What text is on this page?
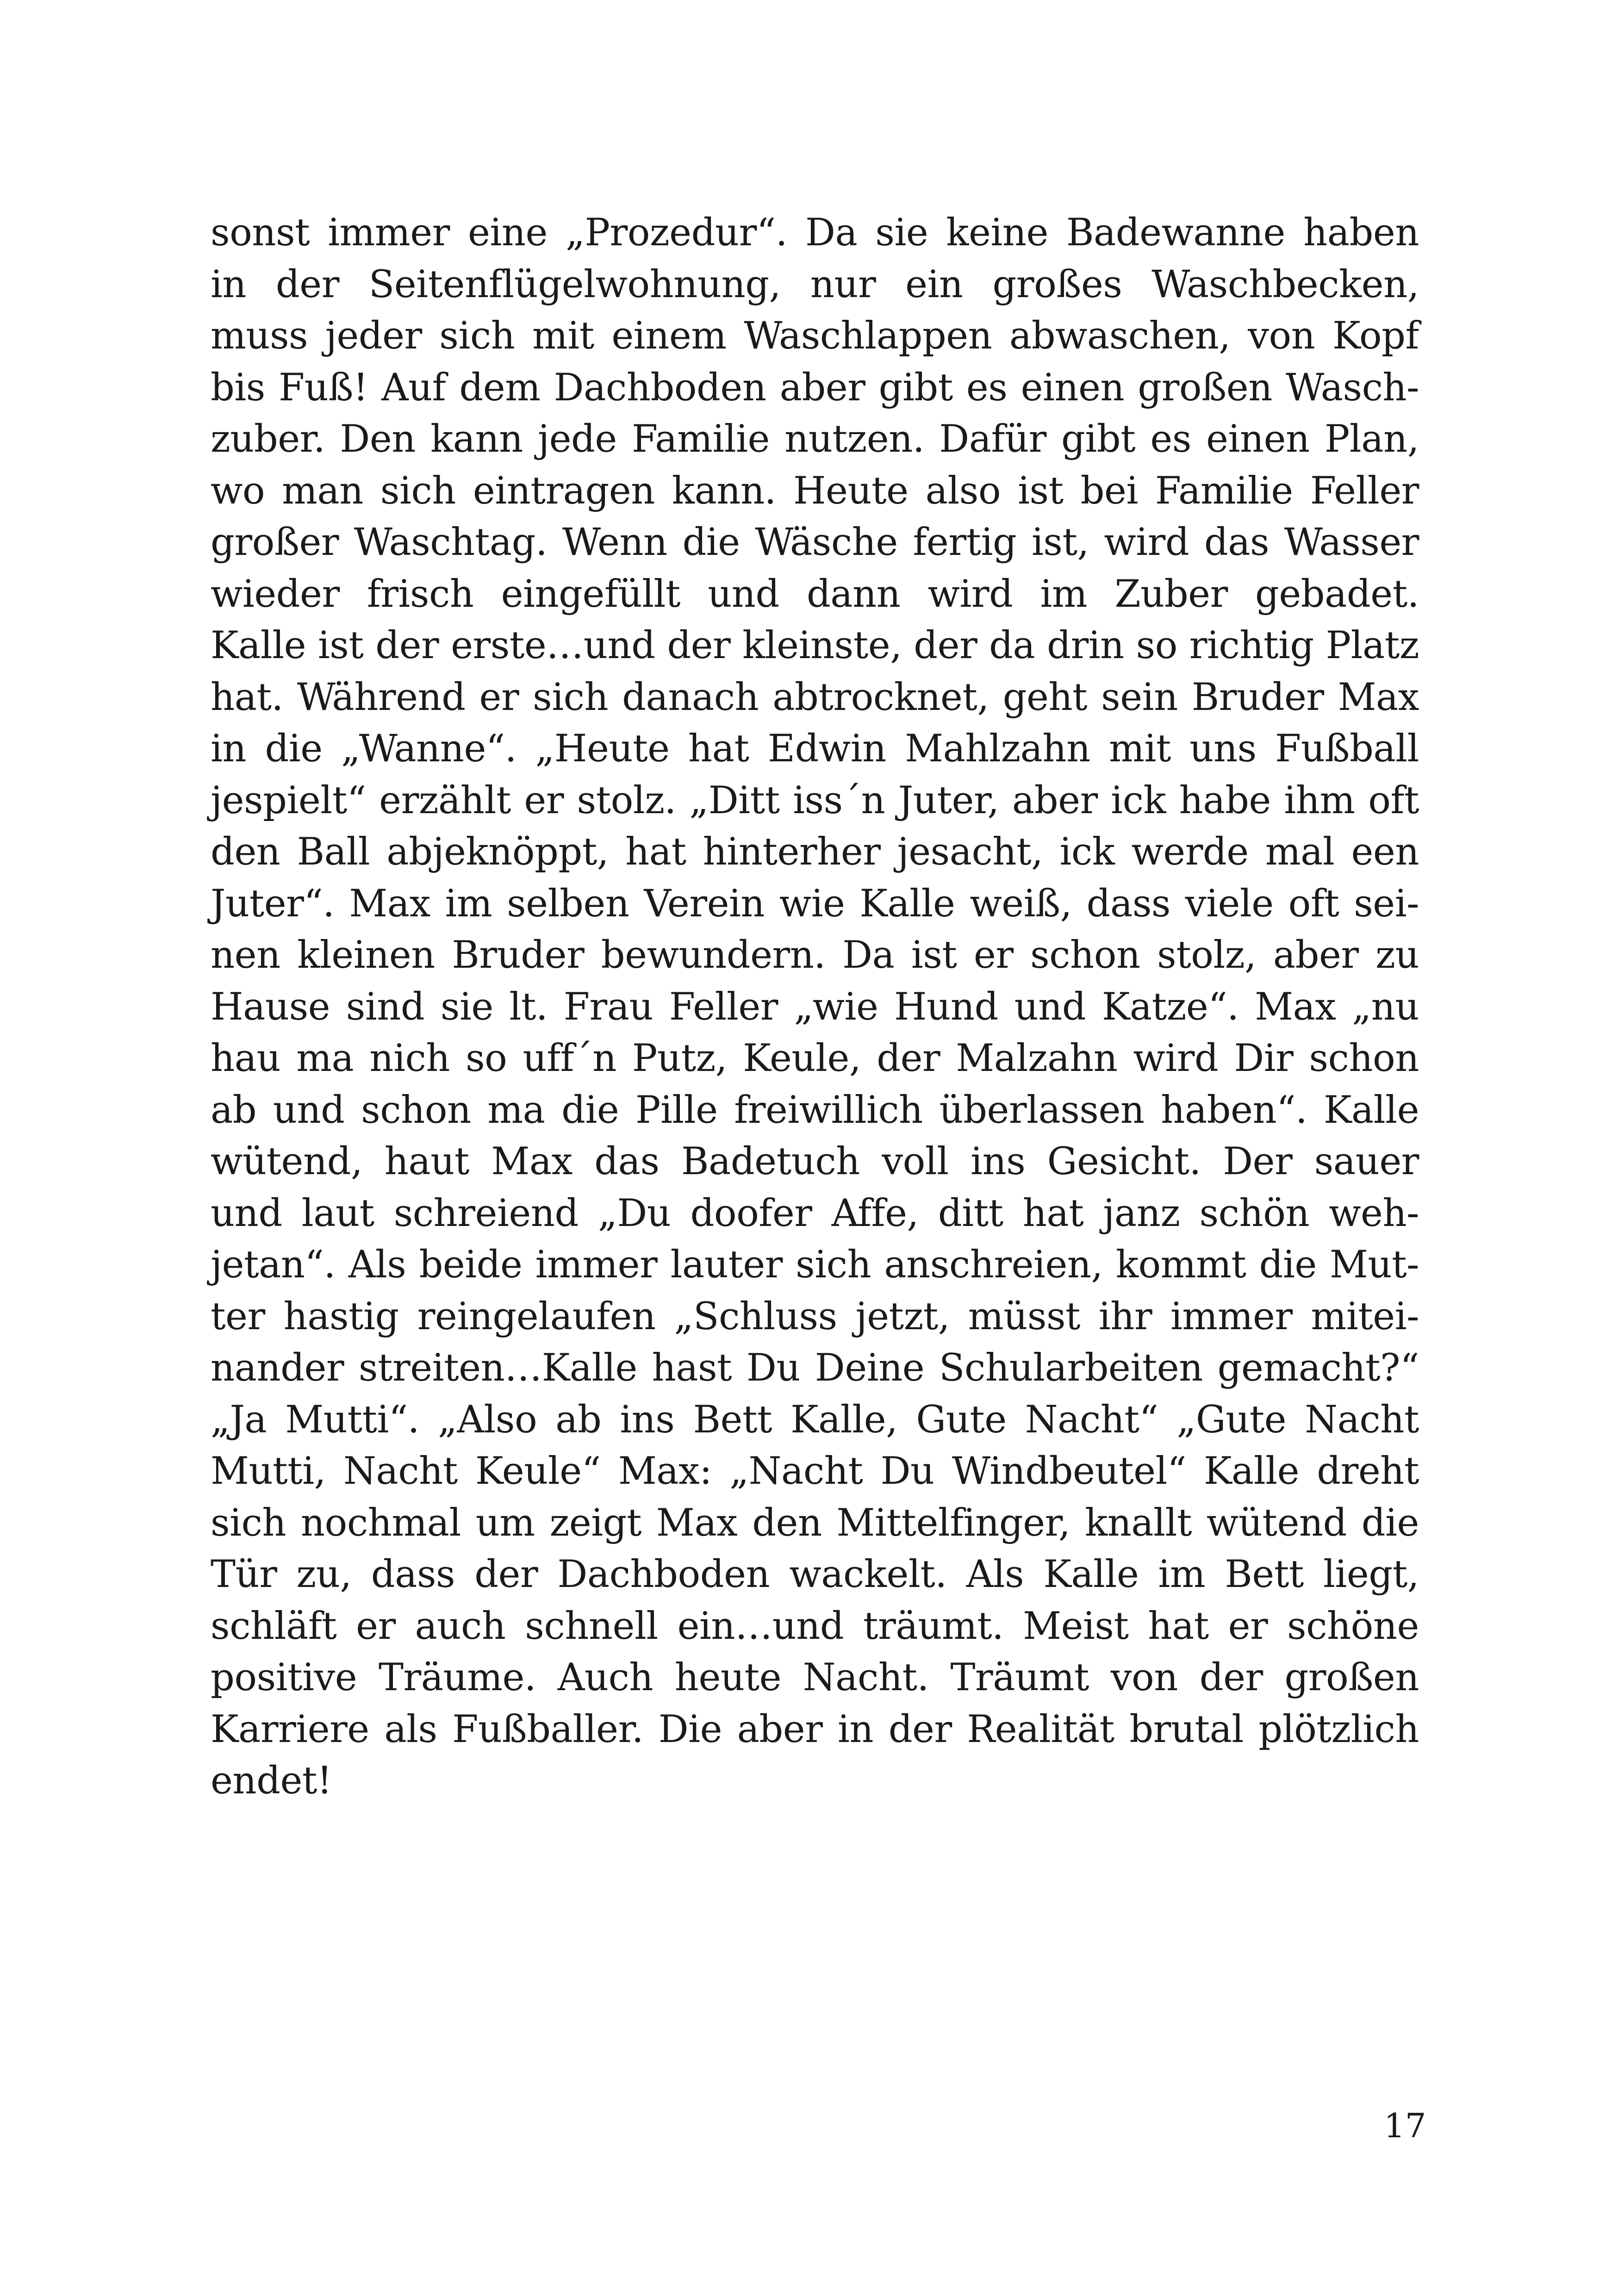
sonst immer eine „Prozedur“. Da sie keine Badewanne haben
in der Seitenflügelwohnung, nur ein großes Waschbecken,
muss jeder sich mit einem Waschlappen abwaschen, von Kopf
bis Fuß! Auf dem Dachboden aber gibt es einen großen Wasch-
zuber. Den kann jede Familie nutzen. Dafür gibt es einen Plan,
wo man sich eintragen kann. Heute also ist bei Familie Feller
großer Waschtag. Wenn die Wäsche fertig ist, wird das Wasser
wieder frisch eingefüllt und dann wird im Zuber gebadet.
Kalle ist der erste…und der kleinste, der da drin so richtig Platz
hat. Während er sich danach abtrocknet, geht sein Bruder Max
in die „Wanne“. „Heute hat Edwin Mahlzahn mit uns Fußball
jespielt“ erzählt er stolz. „Ditt iss´n Juter, aber ick habe ihm oft
den Ball abjeknöppt, hat hinterher jesacht, ick werde mal een
Juter“. Max im selben Verein wie Kalle weiß, dass viele oft sei-
nen kleinen Bruder bewundern. Da ist er schon stolz, aber zu
Hause sind sie lt. Frau Feller „wie Hund und Katze“. Max „nu
hau ma nich so uff´n Putz, Keule, der Malzahn wird Dir schon
ab und schon ma die Pille freiwillich überlassen haben“. Kalle
wütend, haut Max das Badetuch voll ins Gesicht. Der sauer
und laut schreiend „Du doofer Affe, ditt hat janz schön weh-
jetan“. Als beide immer lauter sich anschreien, kommt die Mut-
ter hastig reingelaufen „Schluss jetzt, müsst ihr immer mitei-
nander streiten…Kalle hast Du Deine Schularbeiten gemacht?“
„Ja Mutti“. „Also ab ins Bett Kalle, Gute Nacht“ „Gute Nacht
Mutti, Nacht Keule“ Max: „Nacht Du Windbeutel“ Kalle dreht
sich nochmal um zeigt Max den Mittelfinger, knallt wütend die
Tür zu, dass der Dachboden wackelt. Als Kalle im Bett liegt,
schläft er auch schnell ein…und träumt. Meist hat er schöne
positive Träume. Auch heute Nacht. Träumt von der großen
Karriere als Fußballer. Die aber in der Realität brutal plötzlich
endet!
17
